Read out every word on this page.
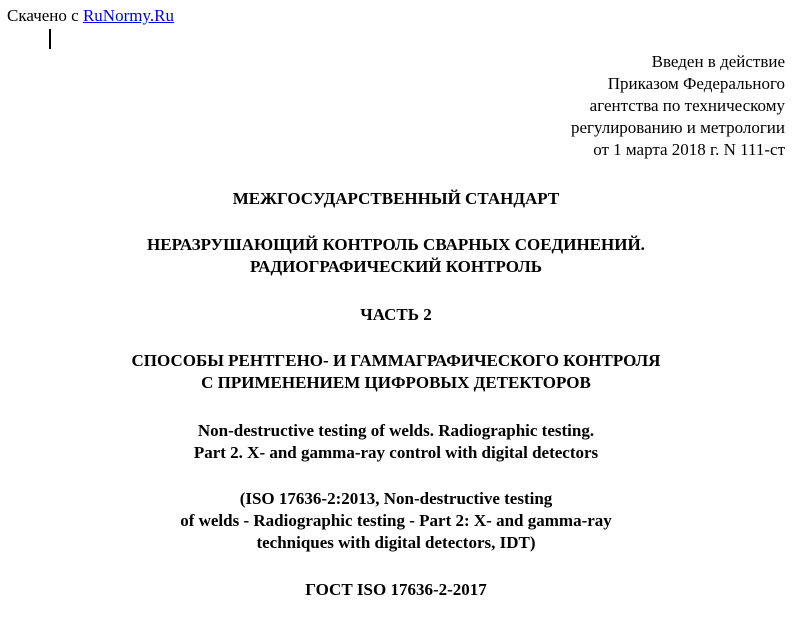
Скачено с RuNormy.Ru
Введен в действие
Приказом Федерального
агентства по техническому
регулированию и метрологии
от 1 марта 2018 г. N 111-ст
МЕЖГОСУДАРСТВЕННЫЙ СТАНДАРТ
НЕРАЗРУШАЮЩИЙ КОНТРОЛЬ СВАРНЫХ СОЕДИНЕНИЙ.
РАДИОГРАФИЧЕСКИЙ КОНТРОЛЬ
ЧАСТЬ 2
СПОСОБЫ РЕНТГЕНО- И ГАММАГРАФИЧЕСКОГО КОНТРОЛЯ
С ПРИМЕНЕНИЕМ ЦИФРОВЫХ ДЕТЕКТОРОВ
Non-destructive testing of welds. Radiographic testing.
Part 2. X- and gamma-ray control with digital detectors
(ISO 17636-2:2013, Non-destructive testing
of welds - Radiographic testing - Part 2: X- and gamma-ray
techniques with digital detectors, IDT)
ГОСТ ISO 17636-2-2017
